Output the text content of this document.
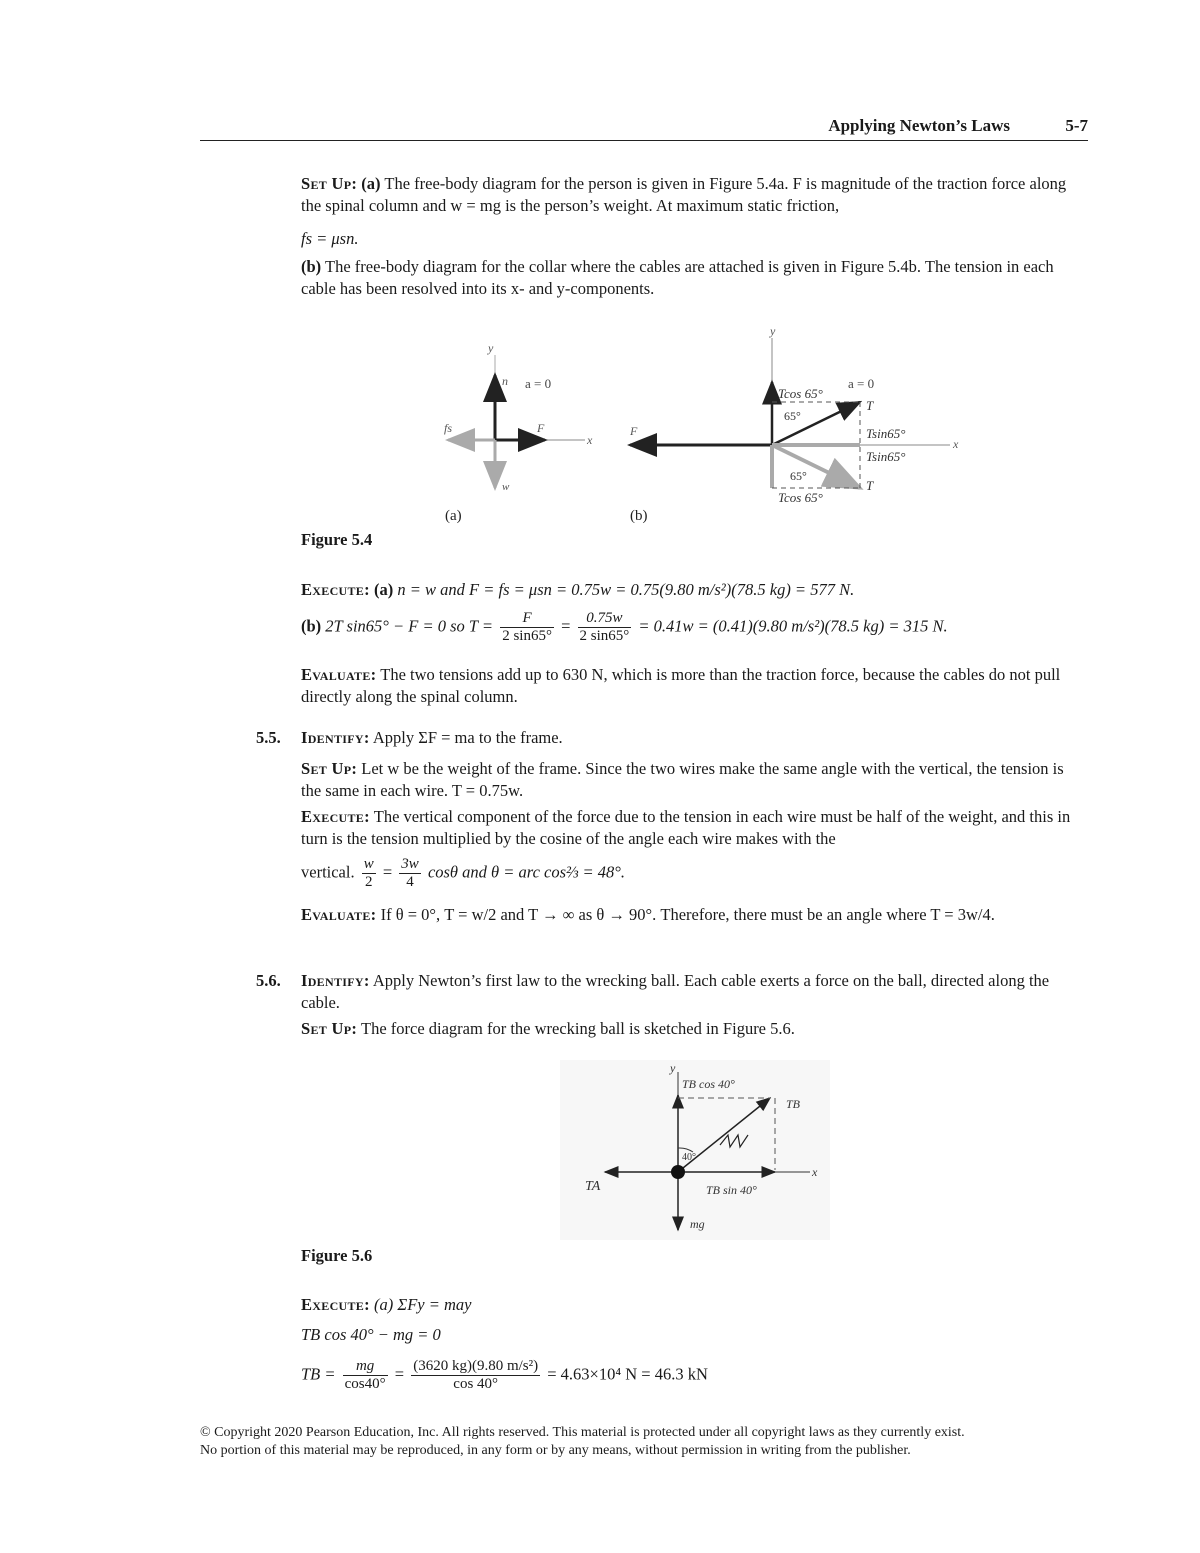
Applying Newton’s Laws	5-7
Set Up: (a) The free-body diagram for the person is given in Figure 5.4a. F is magnitude of the traction force along the spinal column and w = mg is the person’s weight. At maximum static friction,
fs = μsn.
(b) The free-body diagram for the collar where the cables are attached is given in Figure 5.4b. The tension in each cable has been resolved into its x- and y-components.
y
n a = 0
fs	F
x
w
(a)
y
F
Tcos 65°
65°
a = 0
T
Tsin65°
x
Tsin65°
65°
T
Tcos 65°
(b)
Figure 5.4
Execute: (a) n = w and F = fs = μsn = 0.75w = 0.75(9.80 m/s²)(78.5 kg) = 577 N.
(b) 2T sin65° − F = 0 so $T = \frac{F}{2 \sin 65^\circ} = \frac{0.75w}{2 \sin 65^\circ} = 0.41w = (0.41)(9.80$ m/s²)(78.5 kg) = 315 N.
Evaluate: The two tensions add up to 630 N, which is more than the traction force, because the cables do not pull directly along the spinal column.
5.5. Identify: Apply ΣF = ma to the frame.
Set Up: Let w be the weight of the frame. Since the two wires make the same angle with the vertical, the tension is the same in each wire. T = 0.75w.
Execute: The vertical component of the force due to the tension in each wire must be half of the weight, and this in turn is the tension multiplied by the cosine of the angle each wire makes with the
vertical. $\frac{w}{2} = \frac{3w}{4}$ cosθ and θ = arc cos⅔ = 48°.
Evaluate: If θ = 0°, T = w/2 and T → ∞ as θ → 90°. Therefore, there must be an angle where T = 3w/4.
5.6. Identify: Apply Newton’s first law to the wrecking ball. Each cable exerts a force on the ball, directed along the cable.
Set Up: The force diagram for the wrecking ball is sketched in Figure 5.6.
y
TB cos 40°
TB
40°
x
TA	TB sin 40°
mg
Figure 5.6
Execute: (a) ΣFy = may
TB cos 40° − mg = 0
TB = $\frac{mg}{\cos 40^\circ} = \frac{\text{(3620 kg)(9.80 m/s²)}}{\cos 40^\circ} = 4.63\times 10^4$ N = 46.3 kN
© Copyright 2020 Pearson Education, Inc. All rights reserved. This material is protected under all copyright laws as they currently exist.
No portion of this material may be reproduced, in any form or by any means, without permission in writing from the publisher.
